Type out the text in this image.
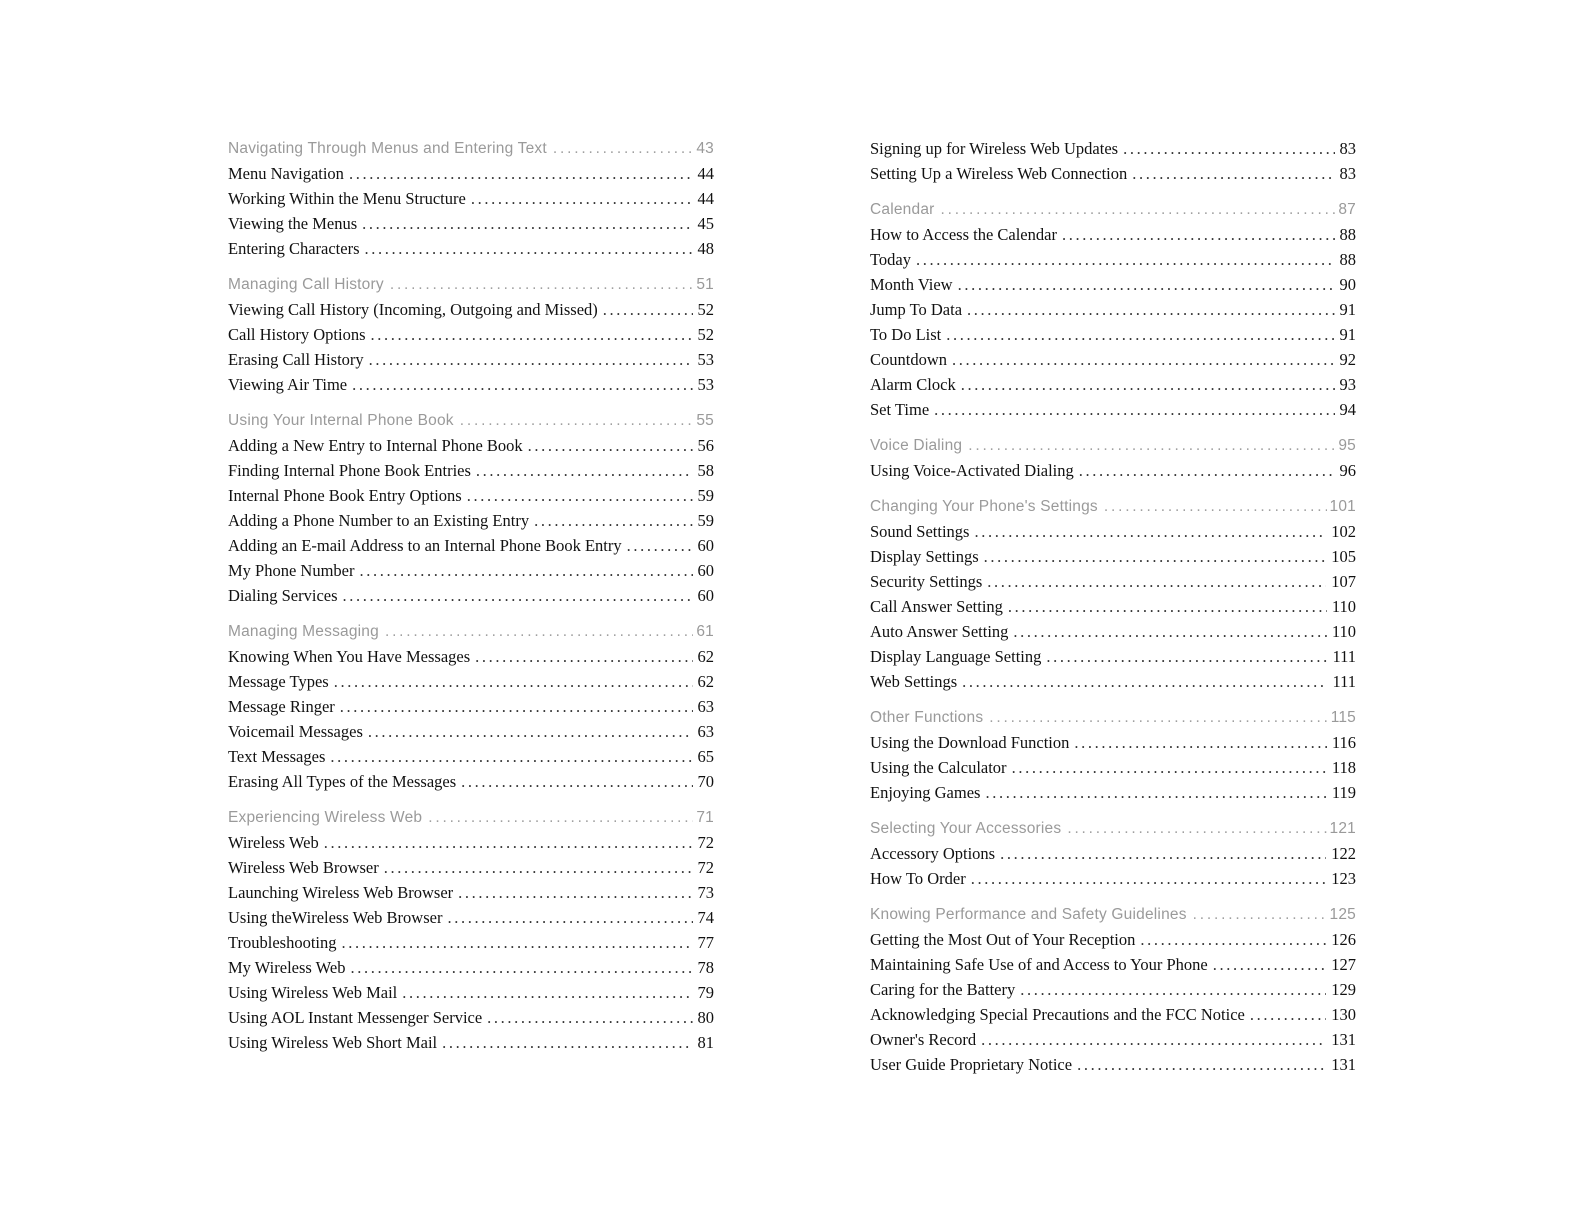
Navigating Through Menus and Entering Text . . .	43
Menu Navigation . . .	44
Working Within the Menu Structure . . .	44
Viewing the Menus . . .	45
Entering Characters . . .	48
Managing Call History . . .	51
Viewing Call History (Incoming, Outgoing and Missed) . . .	52
Call History Options . . .	52
Erasing Call History . . .	53
Viewing Air Time . . .	53
Using Your Internal Phone Book . . .	55
Adding a New Entry to Internal Phone Book . . .	56
Finding Internal Phone Book Entries . . .	58
Internal Phone Book Entry Options . . .	59
Adding a Phone Number to an Existing Entry . . .	59
Adding an E-mail Address to an Internal Phone Book Entry . . .	60
My Phone Number . . .	60
Dialing Services . . .	60
Managing Messaging . . .	61
Knowing When You Have Messages . . .	62
Message Types . . .	62
Message Ringer . . .	63
Voicemail Messages . . .	63
Text Messages . . .	65
Erasing All Types of the Messages . . .	70
Experiencing Wireless Web . . .	71
Wireless Web . . .	72
Wireless Web Browser . . .	72
Launching Wireless Web Browser . . .	73
Using theWireless Web Browser . . .	74
Troubleshooting . . .	77
My Wireless Web . . .	78
Using Wireless Web Mail . . .	79
Using AOL Instant Messenger Service . . .	80
Using Wireless Web Short Mail . . .	81
Signing up for Wireless Web Updates . . .	83
Setting Up a Wireless Web Connection . . .	83
Calendar . . .	87
How to Access the Calendar . . .	88
Today . . .	88
Month View . . .	90
Jump To Data . . .	91
To Do List . . .	91
Countdown . . .	92
Alarm Clock . . .	93
Set Time . . .	94
Voice Dialing . . .	95
Using Voice-Activated Dialing . . .	96
Changing Your Phone's Settings . . .	101
Sound Settings . . .	102
Display Settings . . .	105
Security Settings . . .	107
Call Answer Setting . . .	110
Auto Answer Setting . . .	110
Display Language Setting . . .	111
Web Settings . . .	111
Other Functions . . .	115
Using the Download Function . . .	116
Using the Calculator . . .	118
Enjoying Games . . .	119
Selecting Your Accessories . . .	121
Accessory Options . . .	122
How To Order . . .	123
Knowing Performance and Safety Guidelines . . .	125
Getting the Most Out of Your Reception . . .	126
Maintaining Safe Use of and Access to Your Phone . . .	127
Caring for the Battery . . .	129
Acknowledging Special Precautions and the FCC Notice . . .	130
Owner's Record . . .	131
User Guide Proprietary Notice . . .	131
